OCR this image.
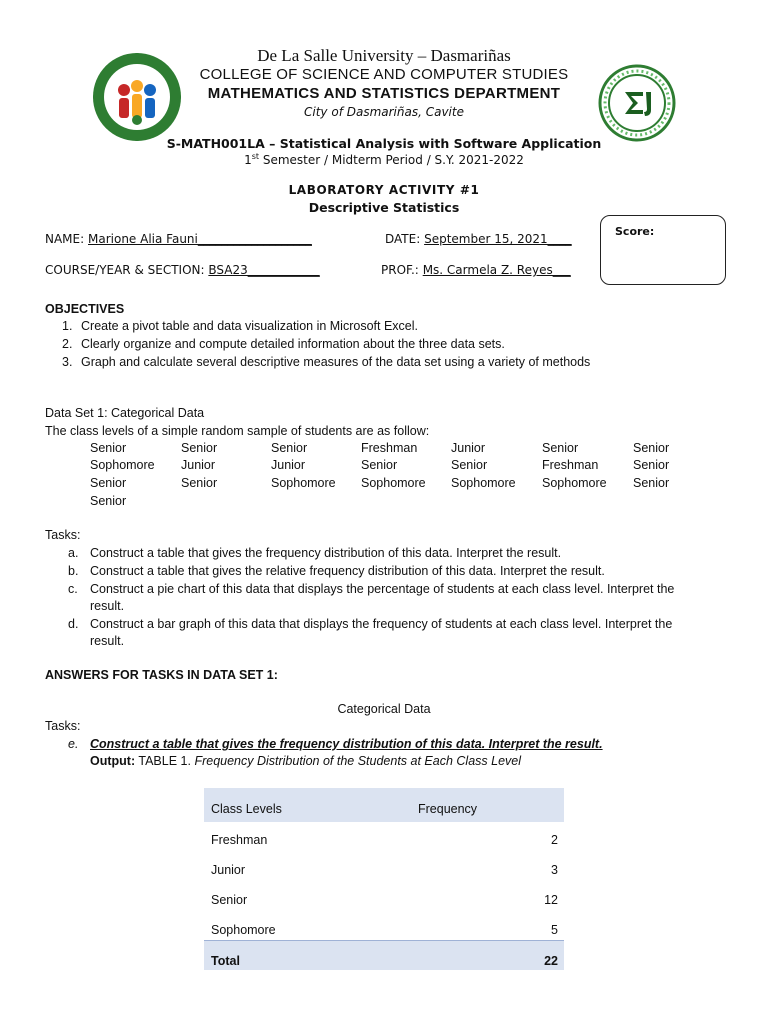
De La Salle University – Dasmariñas
COLLEGE OF SCIENCE AND COMPUTER STUDIES
MATHEMATICS AND STATISTICS DEPARTMENT
City of Dasmariñas, Cavite
S-MATH001LA – Statistical Analysis with Software Application
1st Semester / Midterm Period / S.Y. 2021-2022
LABORATORY ACTIVITY #1
Descriptive Statistics
NAME: Marione Alia Fauni___________________	DATE: September 15, 2021____
COURSE/YEAR & SECTION: BSA23____________	PROF.: Ms. Carmela Z. Reyes___
Score:
OBJECTIVES
1. Create a pivot table and data visualization in Microsoft Excel.
2. Clearly organize and compute detailed information about the three data sets.
3. Graph and calculate several descriptive measures of the data set using a variety of methods
Data Set 1: Categorical Data
The class levels of a simple random sample of students are as follow:
Senior	Senior	Senior	Freshman	Junior	Senior	Senior
Sophomore Junior	Junior	Senior	Senior	Freshman	Senior
Senior	Senior	Sophomore Sophomore Sophomore Sophomore Senior
Senior
Tasks:
a. Construct a table that gives the frequency distribution of this data. Interpret the result.
b. Construct a table that gives the relative frequency distribution of this data. Interpret the result.
c. Construct a pie chart of this data that displays the percentage of students at each class level. Interpret the
result.
d. Construct a bar graph of this data that displays the frequency of students at each class level. Interpret the
result.
ANSWERS FOR TASKS IN DATA SET 1:
Categorical Data
Tasks:
e. Construct a table that gives the frequency distribution of this data. Interpret the result.
Output: TABLE 1. Frequency Distribution of the Students at Each Class Level
Class Levels	Frequency
Freshman	2
Junior	3
Senior	12
Sophomore	5
Total	22
